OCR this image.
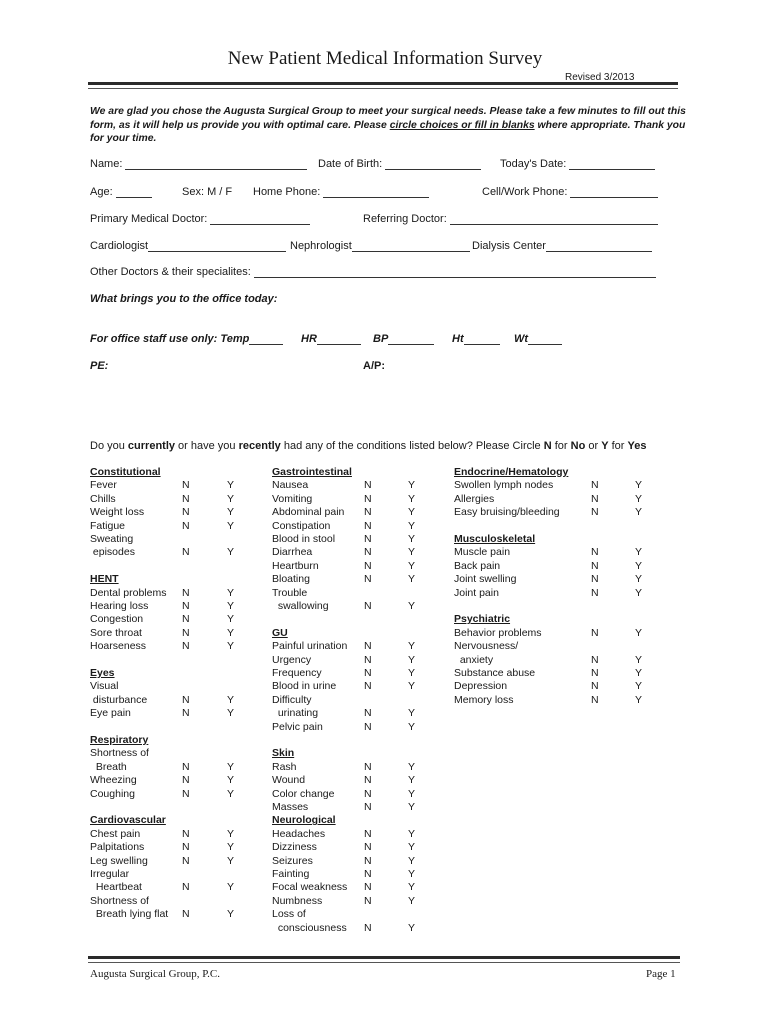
New Patient Medical Information Survey
Revised 3/2013
We are glad you chose the Augusta Surgical Group to meet your surgical needs. Please take a few minutes to fill out this form, as it will help us provide you with optimal care. Please circle choices or fill in blanks where appropriate. Thank you for your time.
Name:	Date of Birth:	Today's Date:
Age:	Sex: M / F Home Phone:	Cell/Work Phone:
Primary Medical Doctor:	Referring Doctor:
Cardiologist	Nephrologist	Dialysis Center
Other Doctors & their specialites:
What brings you to the office today:
For office staff use only: Temp	HR	BP	Ht	Wt
PE:	A/P:
Do you currently or have you recently had any of the conditions listed below? Please Circle N for No or Y for Yes
Constitutional
Fever	N	Y
Chills	N	Y
Weight loss	N	Y
Fatigue	N	Y
Sweating
episodes	N	Y
HENT
Dental problems N	Y
Hearing loss	N	Y
Congestion	N	Y
Sore throat	N	Y
Hoarseness	N	Y
Eyes
Visual
disturbance	N	Y
Eye pain	N	Y
Respiratory
Shortness of
Breath	N	Y
Wheezing	N	Y
Coughing	N	Y
Cardiovascular
Chest pain	N	Y
Palpitations	N	Y
Leg swelling	N	Y
Irregular
Heartbeat	N	Y
Shortness of
Breath lying flat N	Y
Gastrointestinal
Nausea	N	Y
Vomiting	N	Y
Abdominal pain N	Y
Constipation	N	Y
Blood in stool	N	Y
Diarrhea	N	Y
Heartburn	N	Y
Bloating	N	Y
Trouble
swallowing	N	Y
GU
Painful urination N	Y
Urgency	N	Y
Frequency	N	Y
Blood in urine	N	Y
Difficulty
urinating	N	Y
Pelvic pain	N	Y
Skin
Rash	N	Y
Wound	N	Y
Color change	N	Y
Masses	N	Y
Neurological
Headaches	N	Y
Dizziness	N	Y
Seizures	N	Y
Fainting	N	Y
Focal weakness N	Y
Numbness	N	Y
Loss of
consciousness N	Y
Endocrine/Hematology
Swollen lymph nodes	N	Y
Allergies	N	Y
Easy bruising/bleeding	N	Y
Musculoskeletal
Muscle pain	N	Y
Back pain	N	Y
Joint swelling	N	Y
Joint pain	N	Y
Psychiatric
Behavior problems	N	Y
Nervousness/
anxiety	N	Y
Substance abuse	N	Y
Depression	N	Y
Memory loss	N	Y
Augusta Surgical Group, P.C.	Page 1
